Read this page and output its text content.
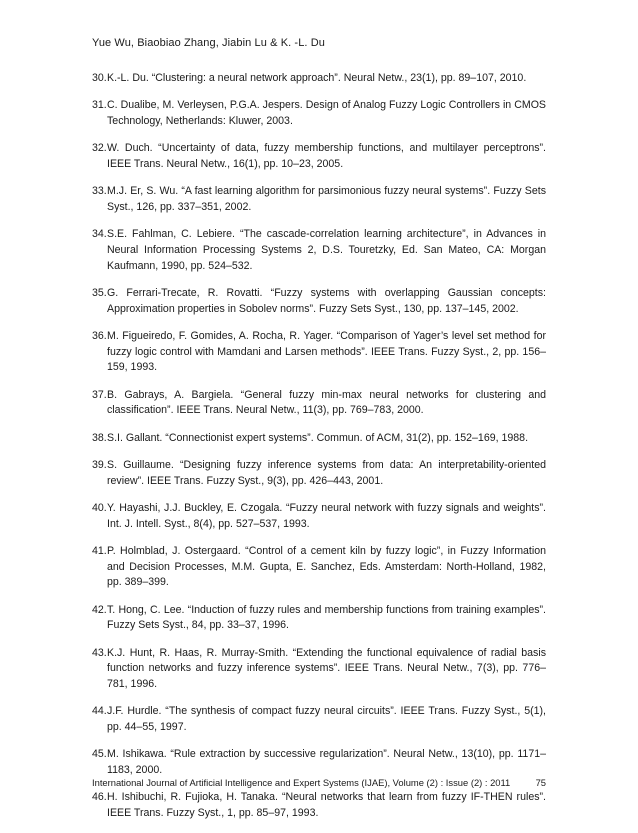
Yue Wu, Biaobiao Zhang, Jiabin Lu & K. -L. Du
30. K.-L. Du. “Clustering: a neural network approach”. Neural Netw., 23(1), pp. 89–107, 2010.
31. C. Dualibe, M. Verleysen, P.G.A. Jespers. Design of Analog Fuzzy Logic Controllers in CMOS Technology, Netherlands: Kluwer, 2003.
32. W. Duch. “Uncertainty of data, fuzzy membership functions, and multilayer perceptrons”. IEEE Trans. Neural Netw., 16(1), pp. 10–23, 2005.
33. M.J. Er, S. Wu. “A fast learning algorithm for parsimonious fuzzy neural systems”. Fuzzy Sets Syst., 126, pp. 337–351, 2002.
34. S.E. Fahlman, C. Lebiere. “The cascade-correlation learning architecture”, in Advances in Neural Information Processing Systems 2, D.S. Touretzky, Ed. San Mateo, CA: Morgan Kaufmann, 1990, pp. 524–532.
35. G. Ferrari-Trecate, R. Rovatti. “Fuzzy systems with overlapping Gaussian concepts: Approximation properties in Sobolev norms”. Fuzzy Sets Syst., 130, pp. 137–145, 2002.
36. M. Figueiredo, F. Gomides, A. Rocha, R. Yager. “Comparison of Yager’s level set method for fuzzy logic control with Mamdani and Larsen methods”. IEEE Trans. Fuzzy Syst., 2, pp. 156–159, 1993.
37. B. Gabrays, A. Bargiela. “General fuzzy min-max neural networks for clustering and classification”. IEEE Trans. Neural Netw., 11(3), pp. 769–783, 2000.
38. S.I. Gallant. “Connectionist expert systems”. Commun. of ACM, 31(2), pp. 152–169, 1988.
39. S. Guillaume. “Designing fuzzy inference systems from data: An interpretability-oriented review”. IEEE Trans. Fuzzy Syst., 9(3), pp. 426–443, 2001.
40. Y. Hayashi, J.J. Buckley, E. Czogala. “Fuzzy neural network with fuzzy signals and weights”. Int. J. Intell. Syst., 8(4), pp. 527–537, 1993.
41. P. Holmblad, J. Ostergaard. “Control of a cement kiln by fuzzy logic”, in Fuzzy Information and Decision Processes, M.M. Gupta, E. Sanchez, Eds. Amsterdam: North-Holland, 1982, pp. 389–399.
42. T. Hong, C. Lee. “Induction of fuzzy rules and membership functions from training examples”. Fuzzy Sets Syst., 84, pp. 33–37, 1996.
43. K.J. Hunt, R. Haas, R. Murray-Smith. “Extending the functional equivalence of radial basis function networks and fuzzy inference systems”. IEEE Trans. Neural Netw., 7(3), pp. 776–781, 1996.
44. J.F. Hurdle. “The synthesis of compact fuzzy neural circuits”. IEEE Trans. Fuzzy Syst., 5(1), pp. 44–55, 1997.
45. M. Ishikawa. “Rule extraction by successive regularization”. Neural Netw., 13(10), pp. 1171–1183, 2000.
46. H. Ishibuchi, R. Fujioka, H. Tanaka. “Neural networks that learn from fuzzy IF-THEN rules”. IEEE Trans. Fuzzy Syst., 1, pp. 85–97, 1993.
International Journal of Artificial Intelligence and Expert Systems (IJAE), Volume (2) : Issue (2) : 2011	75
